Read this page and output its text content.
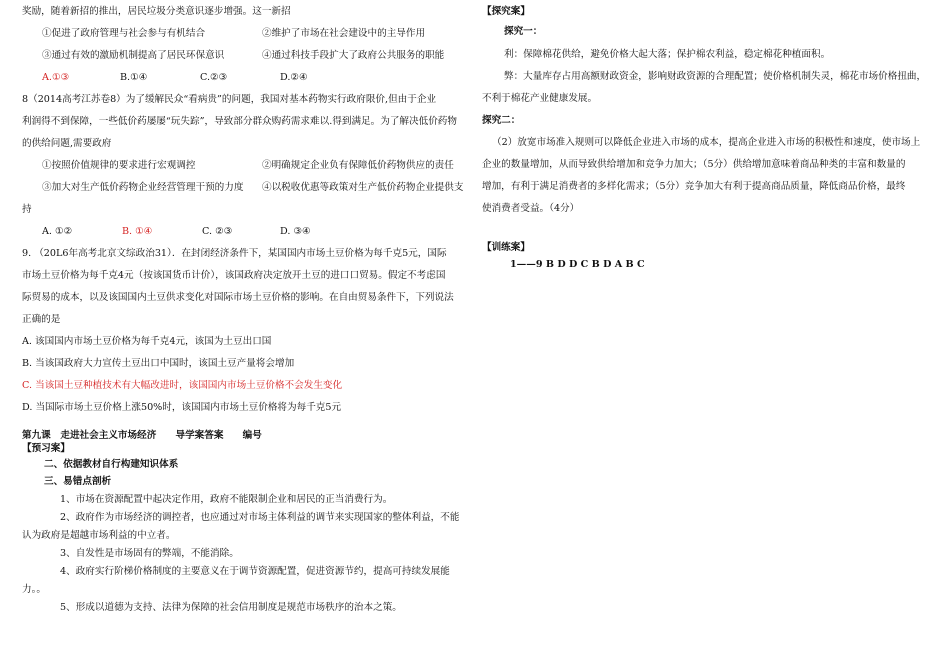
奖励，随着新招的推出，居民垃圾分类意识逐步增强。这一新招
①促进了政府管理与社会参与有机结合	②维护了市场在社会建设中的主导作用
③通过有效的激励机制提高了居民环保意识	④通过科技手段扩大了政府公共服务的职能
A.①③	B.①④	C.②③	D.②④
8（2014高考江苏卷8）为了缓解民众“看病贵”的问题，我国对基本药物实行政府限价,但由于企业
利润得不到保障，一些低价药屡屡“玩失踪”，导致部分群众购药需求难以.得到满足。为了解决低价药物
的供给问题,需要政府
①按照价值规律的要求进行宏观调控	②明确规定企业负有保障低价药物供应的责任
③加大对生产低价药物企业经营管理干预的力度 ④以税收优惠等政策对生产低价药物企业提供支
持
A. ①②	B. ①④	C. ②③	D. ③④
9. （20L6年高考北京文综政治31）．在封闭经济条件下，某国国内市场土豆价格为每千克5元，国际
市场土豆价格为每千克4元（按该国货币计价），该国政府决定放开土豆的进口口贸易。假定不考虑国
际贸易的成本，以及该国国内土豆供求变化对国际市场土豆价格的影响。在自由贸易条件下，下列说法
正确的是
A. 该国国内市场土豆价格为每千克4元，该国为土豆出口国
B. 当该国政府大力宣传土豆出口中国时，该国土豆产量将会增加
C. 当该国土豆种植技术有大幅改进时，该国国内市场土豆价格不会发生变化
D. 当国际市场土豆价格上涨50%时，该国国内市场土豆价格将为每千克5元
第九课　走进社会主义市场经济　　导学案答案　　编号
【预习案】
二、依据教材自行构建知识体系
三、易错点剖析
1、市场在资源配置中起决定作用，政府不能限制企业和居民的正当消费行为。
2、政府作为市场经济的调控者，也应通过对市场主体利益的调节来实现国家的整体利益，不能
认为政府是超越市场利益的中立者。
3、自发性是市场固有的弊端，不能消除。
4、政府实行阶梯价格制度的主要意义在于调节资源配置，促进资源节约，提高可持续发展能
力。。
5、形成以道德为支持、法律为保障的社会信用制度是规范市场秩序的治本之策。
【探究案】
探究一：
利：保障棉花供给，避免价格大起大落；保护棉农利益，稳定棉花种植面积。
弊：大量库存占用高额财政资金，影响财政资源的合理配置；使价格机制失灵，棉花市场价格扭曲，
不利于棉花产业健康发展。
探究二：
（2）放宽市场准入规则可以降低企业进入市场的成本，提高企业进入市场的积极性和速度，使市场上
企业的数量增加，从而导致供给增加和竞争力加大；（5分）供给增加意味着商品种类的丰富和数量的
增加，有利于满足消费者的多样化需求；（5分）竞争加大有利于提高商品质量，降低商品价格，最终
使消费者受益。（4分）
【训练案】
1——9 B D D C B D A B C
